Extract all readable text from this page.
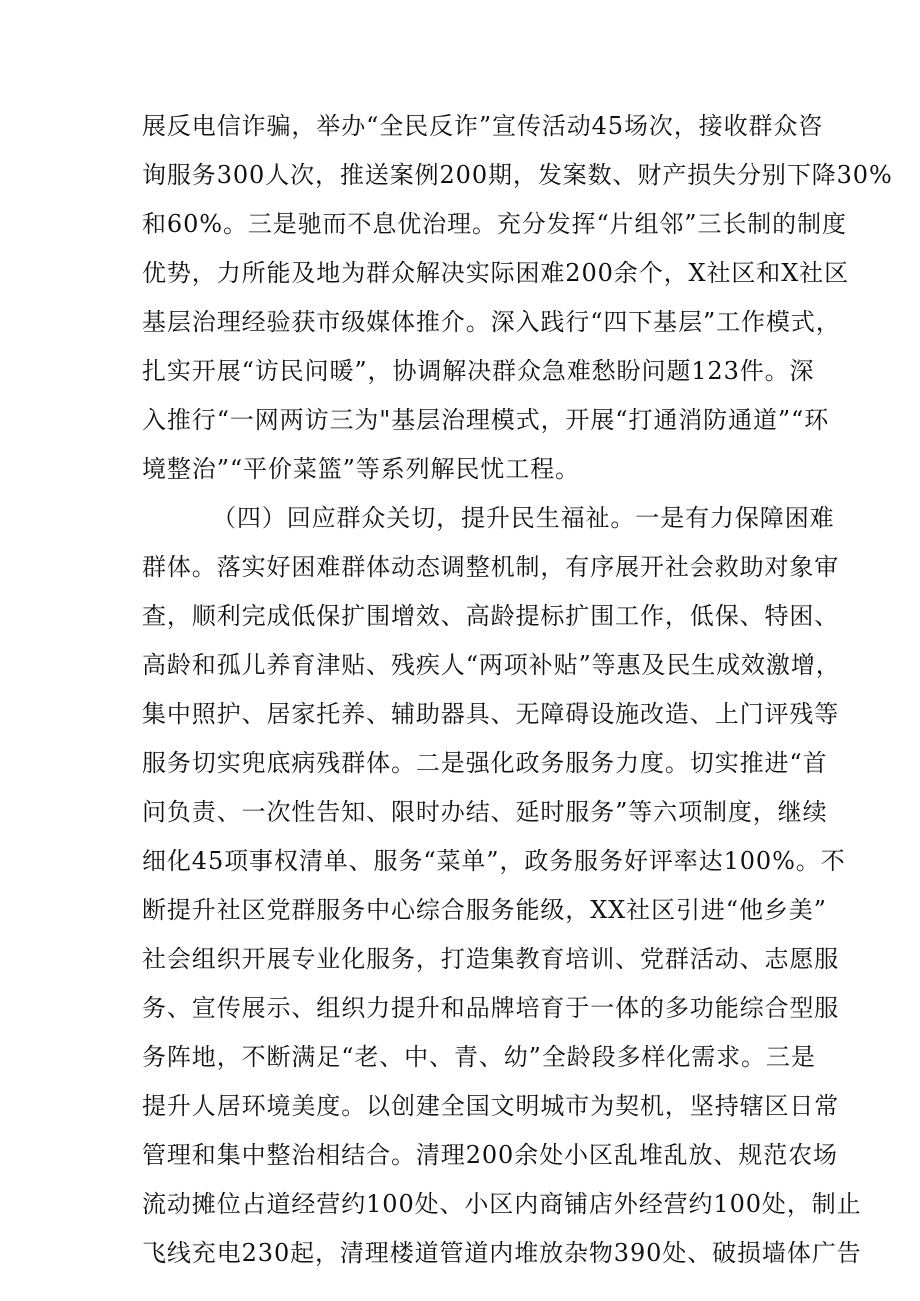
展反电信诈骗，举办“全民反诈”宣传活动45场次，接收群众咨
询服务300人次，推送案例200期，发案数、财产损失分别下降30%
和60%。三是驰而不息优治理。充分发挥“片组邻”三长制的制度
优势，力所能及地为群众解决实际困难200余个，X社区和X社区
基层治理经验获市级媒体推介。深入践行“四下基层”工作模式，
扎实开展“访民问暖”，协调解决群众急难愁盼问题123件。深
入推行“一网两访三为"基层治理模式，开展“打通消防通道”“环
境整治”“平价菜篮”等系列解民忧工程。
（四）回应群众关切，提升民生福祉。一是有力保障困难
群体。落实好困难群体动态调整机制，有序展开社会救助对象审
查，顺利完成低保扩围增效、高龄提标扩围工作，低保、特困、
高龄和孤儿养育津贴、残疾人“两项补贴”等惠及民生成效激增，
集中照护、居家托养、辅助器具、无障碍设施改造、上门评残等
服务切实兜底病残群体。二是强化政务服务力度。切实推进“首
问负责、一次性告知、限时办结、延时服务”等六项制度，继续
细化45项事权清单、服务“菜单”，政务服务好评率达100%。不
断提升社区党群服务中心综合服务能级，XX社区引进“他乡美”
社会组织开展专业化服务，打造集教育培训、党群活动、志愿服
务、宣传展示、组织力提升和品牌培育于一体的多功能综合型服
务阵地，不断满足“老、中、青、幼”全龄段多样化需求。三是
提升人居环境美度。以创建全国文明城市为契机，坚持辖区日常
管理和集中整治相结合。清理200余处小区乱堆乱放、规范农场
流动摊位占道经营约100处、小区内商铺店外经营约100处，制止
飞线充电230起，清理楼道管道内堆放杂物390处、破损墙体广告
